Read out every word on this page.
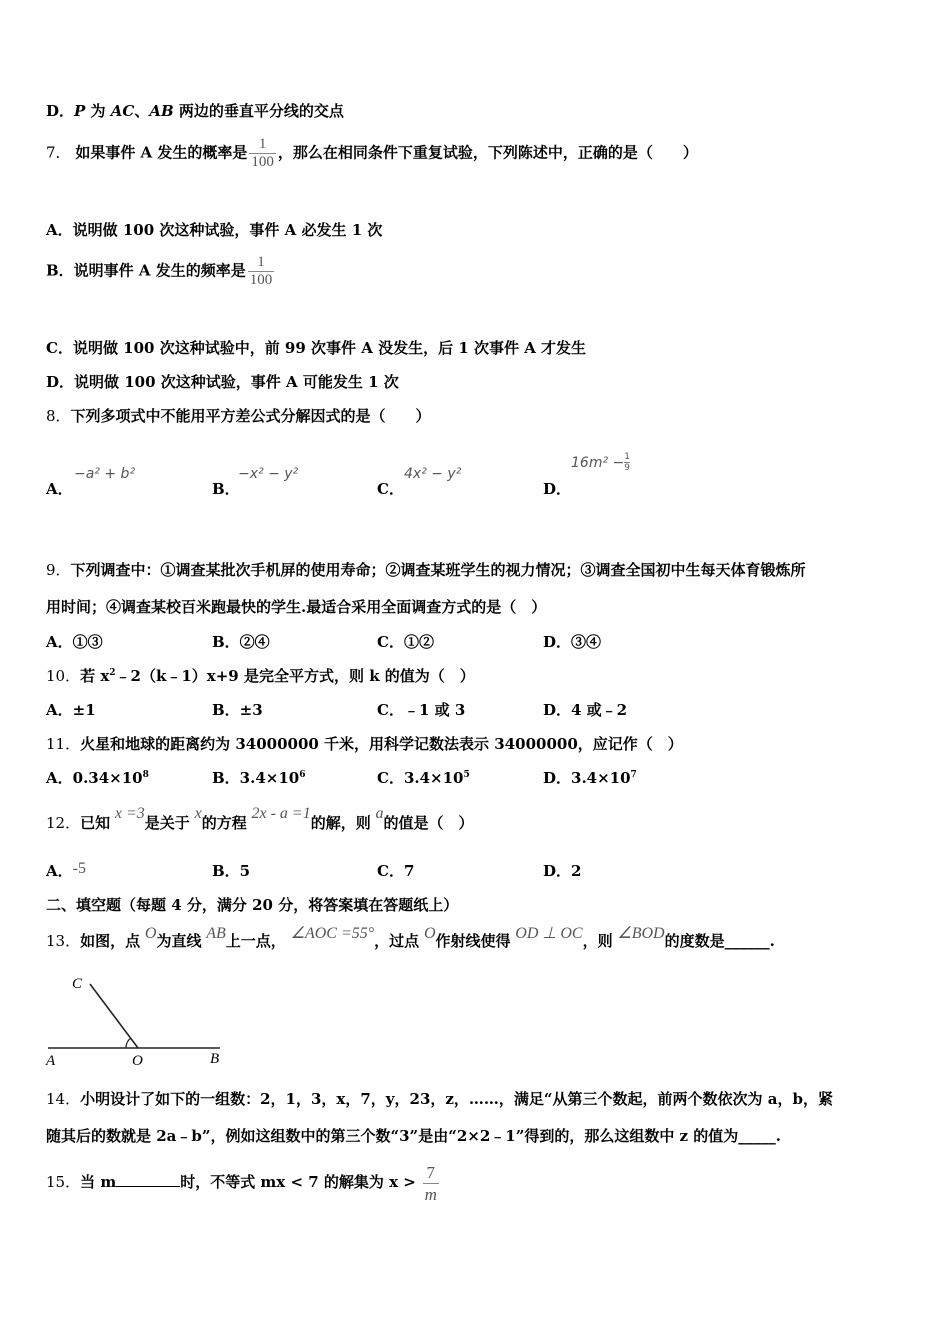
D．P 为 AC、AB 两边的垂直平分线的交点
7． 如果事件 A 发生的概率是 $\frac{1}{100}$ ，那么在相同条件下重复试验，下列陈述中，正确的是（　　）
A．说明做 100 次这种试验，事件 A 必发生 1 次
B．说明事件 A 发生的频率是 $\frac{1}{100}$
C．说明做 100 次这种试验中，前 99 次事件 A 没发生，后 1 次事件 A 才发生
D．说明做 100 次这种试验，事件 A 可能发生 1 次
8．下列多项式中不能用平方差公式分解因式的是（　　）
A．
−a² + b²
B．
−x² − y²
C．
4x² − y²
D．
$16m^2 - \frac{1}{9}$
9．下列调查中：①调查某批次手机屏的使用寿命；②调查某班学生的视力情况；③调查全国初中生每天体育锻炼所
用时间；④调查某校百米跑最快的学生.最适合采用全面调查方式的是（　）
A．①③	B．②④	C．①②	D．③④
10．若 $x^2﹣2(k﹣1)x+9$ 是完全平方式，则 k 的值为（　）
A．±1	B．±3	C．﹣1 或 3	D．4 或﹣2
11．火星和地球的距离约为 34000000 千米，用科学记数法表示 34000000，应记作（　）
A．$0.34\times 10^8$	B．$3.4\times 10^6$	C．$3.4\times 10^5$	D．$3.4\times 10^7$
12．已知 x =3是关于 x的方程 2x - a =1的解，则 a的值是（　）
A．-5	B．5	C．7	D．2
二、填空题（每题 4 分，满分 20 分，将答案填在答题纸上）
13．如图，点 O为直线 AB上一点， ∠AOC =55°，过点 O作射线使得 OD ⊥ OC，则 ∠BOD的度数是______.
C
A	O	B
14．小明设计了如下的一组数：2，1，3，x，7，y，23，z，……，满足“从第三个数起，前两个数依次为 a，b，紧
随其后的数就是 2a﹣b”，例如这组数中的第三个数“3”是由“2×2﹣1”得到的，那么这组数中 z 的值为_____.
15．当 m	时，不等式 mx < 7 的解集为 $x > \frac{7}{m}$
